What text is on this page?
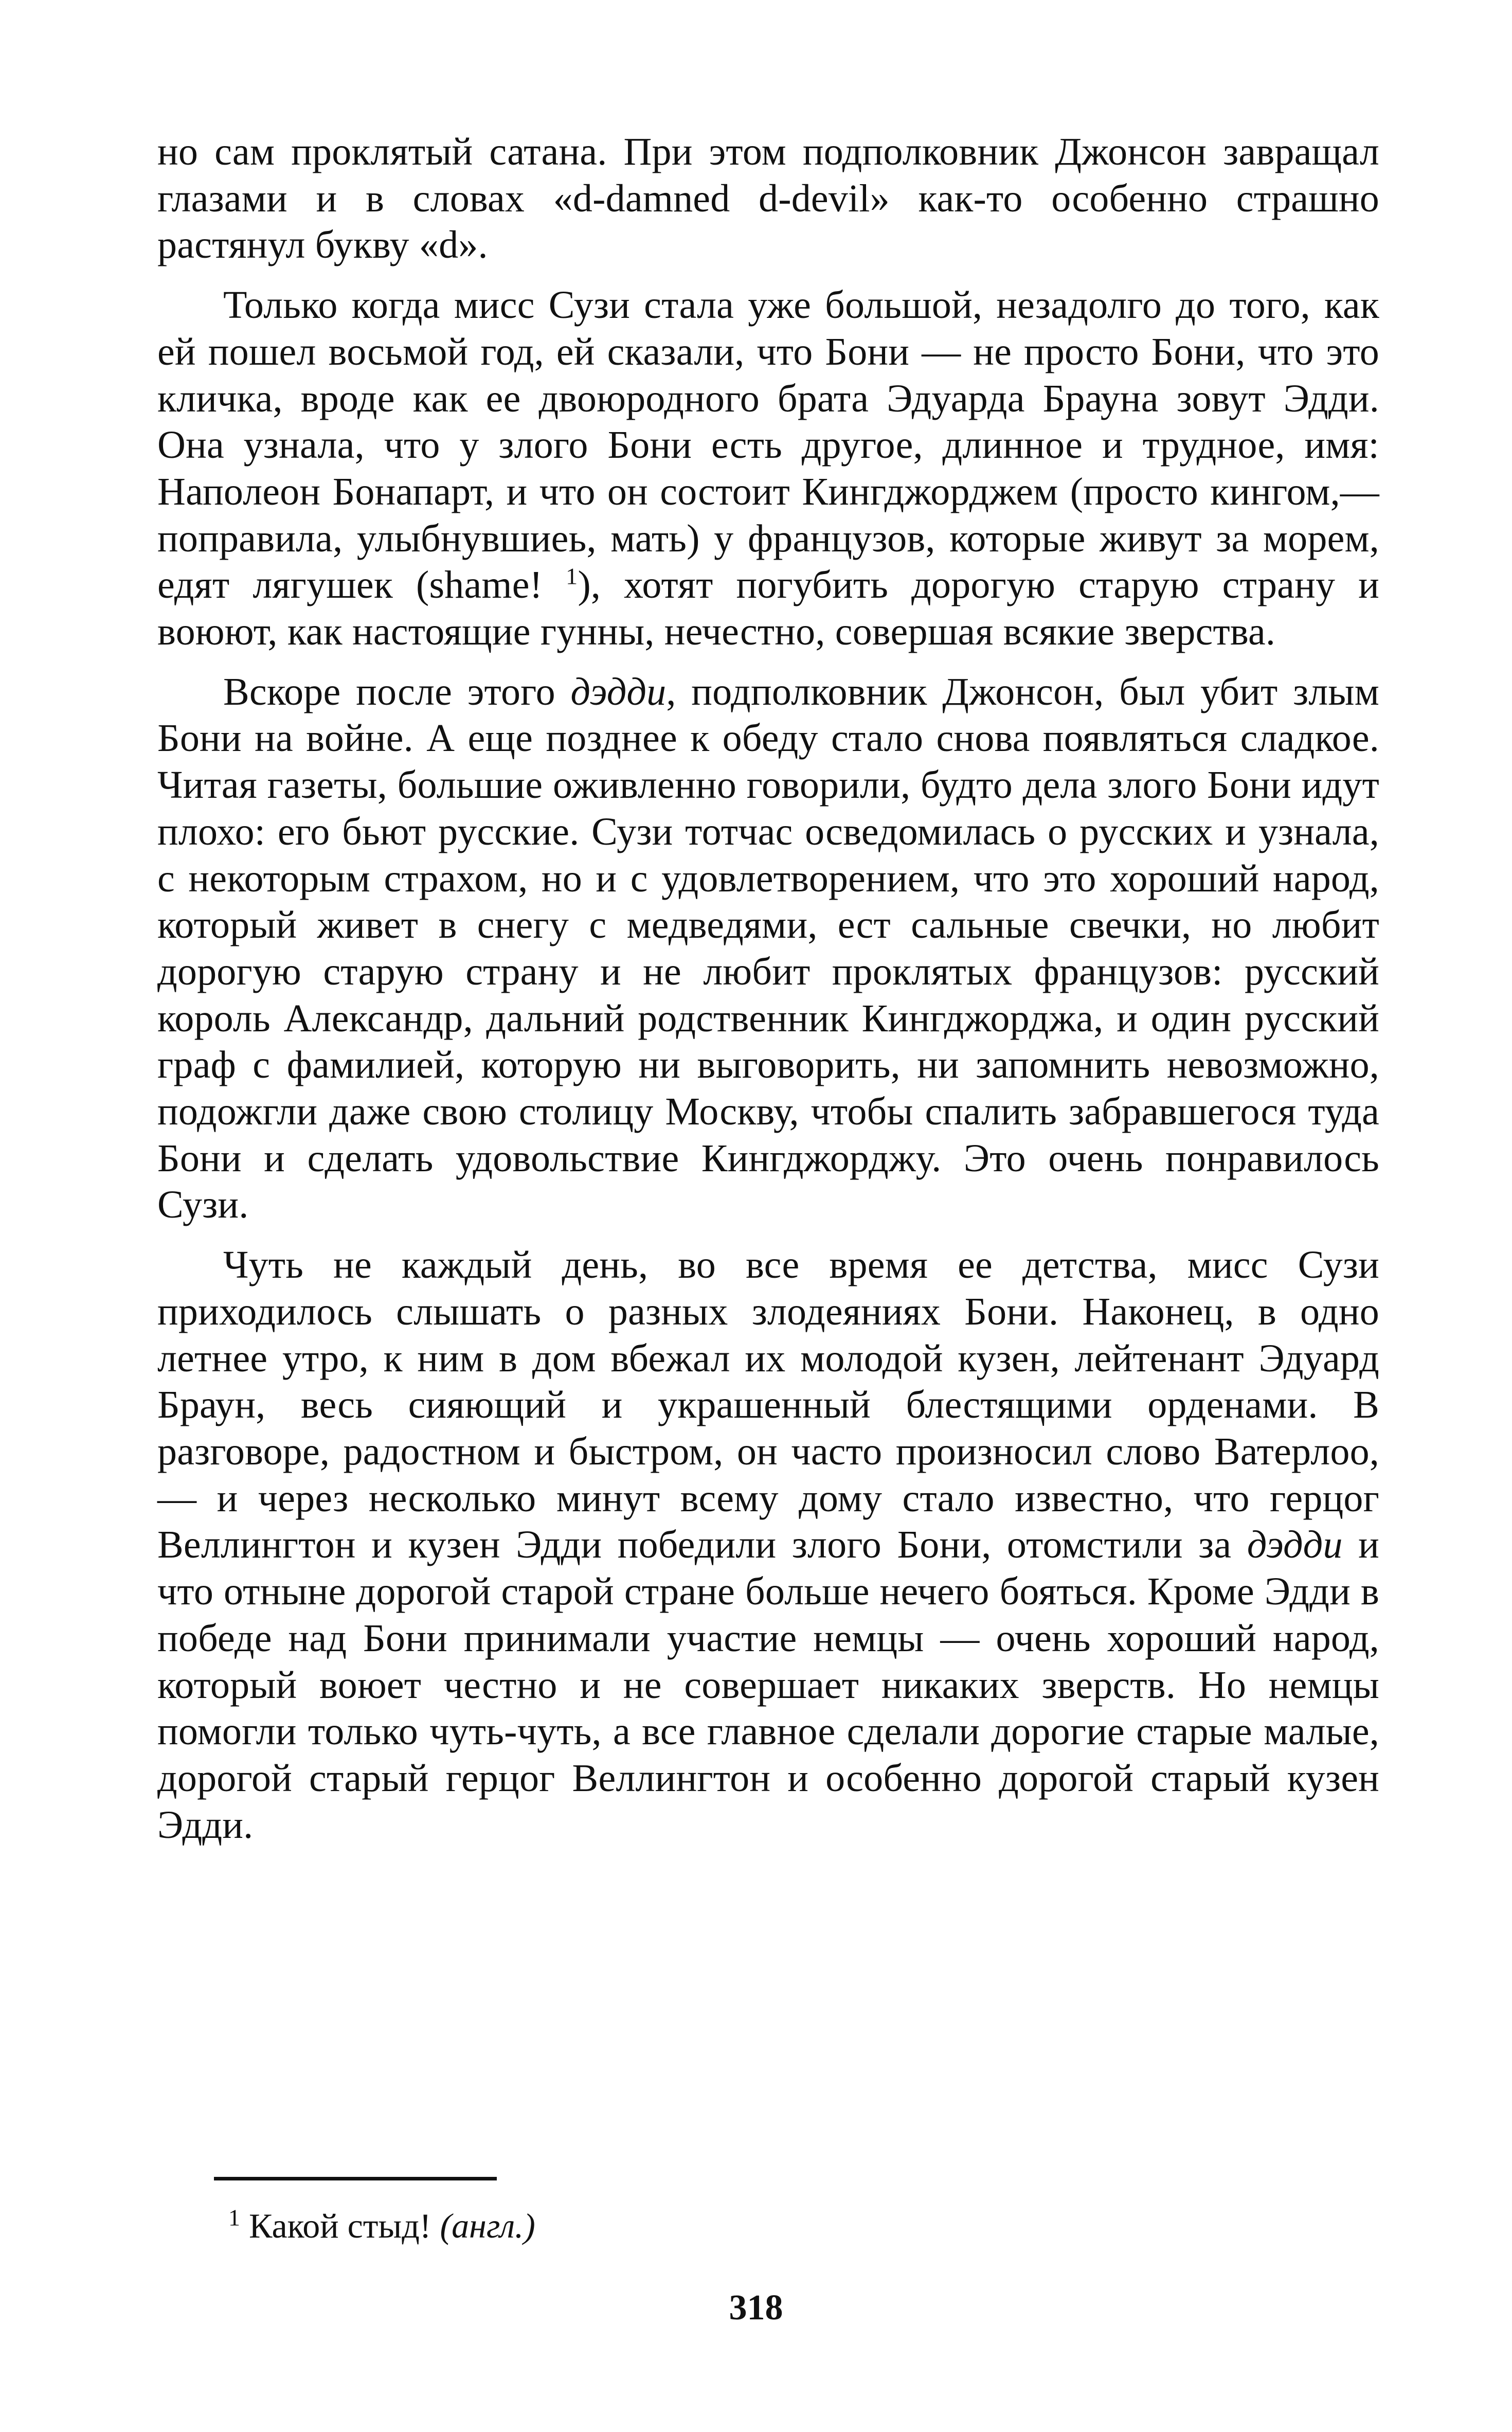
но сам проклятый сатана. При этом подполковник Джонсон завращал глазами и в словах «d-damned d-devil» как-то особенно страшно растянул букву «d».

Только когда мисс Сузи стала уже большой, незадолго до того, как ей пошел восьмой год, ей сказали, что Бони — не просто Бони, что это кличка, вроде как ее двоюродного брата Эдуарда Брауна зовут Эдди. Она узнала, что у злого Бони есть другое, длинное и трудное, имя: Наполеон Бонапарт, и что он состоит Кингджорджем (просто кингом,— поправила, улыбнувшиеь, мать) у французов, которые живут за морем, едят лягушек (shame! $^1$), хотят погубить дорогую старую страну и воюют, как настоящие гунны, нечестно, совершая всякие зверства.

Вскоре после этого дэдди, подполковник Джонсон, был убит злым Бони на войне. А еще позднее к обеду стало снова появляться сладкое. Читая газеты, большие оживленно говорили, будто дела злого Бони идут плохо: его бьют русские. Сузи тотчас осведомилась о русских и узнала, с некоторым страхом, но и с удовлетворением, что это хороший народ, который живет в снегу с медведями, ест сальные свечки, но любит дорогую старую страну и не любит проклятых французов: русский король Александр, дальний родственник Кингджорджа, и один русский граф с фамилией, которую ни выговорить, ни запомнить невозможно, подожгли даже свою столицу Москву, чтобы спалить забравшегося туда Бони и сделать удовольствие Кингджорджу. Это очень понравилось Сузи.

Чуть не каждый день, во все время ее детства, мисс Сузи приходилось слышать о разных злодеяниях Бони. Наконец, в одно летнее утро, к ним в дом вбежал их молодой кузен, лейтенант Эдуард Браун, весь сияющий и украшенный блестящими орденами. В разговоре, радостном и быстром, он часто произносил слово Ватерлоо,— и через несколько минут всему дому стало известно, что герцог Веллингтон и кузен Эдди победили злого Бони, отомстили за дэдди и что отныне дорогой старой стране больше нечего бояться. Кроме Эдди в победе над Бони принимали участие немцы — очень хороший народ, который воюет честно и не совершает никаких зверств. Но немцы помогли только чуть-чуть, а все главное сделали дорогие старые малые, дорогой старый герцог Веллингтон и особенно дорогой старый кузен Эдди.

$^1$ Какой стыд! (англ.)
318
